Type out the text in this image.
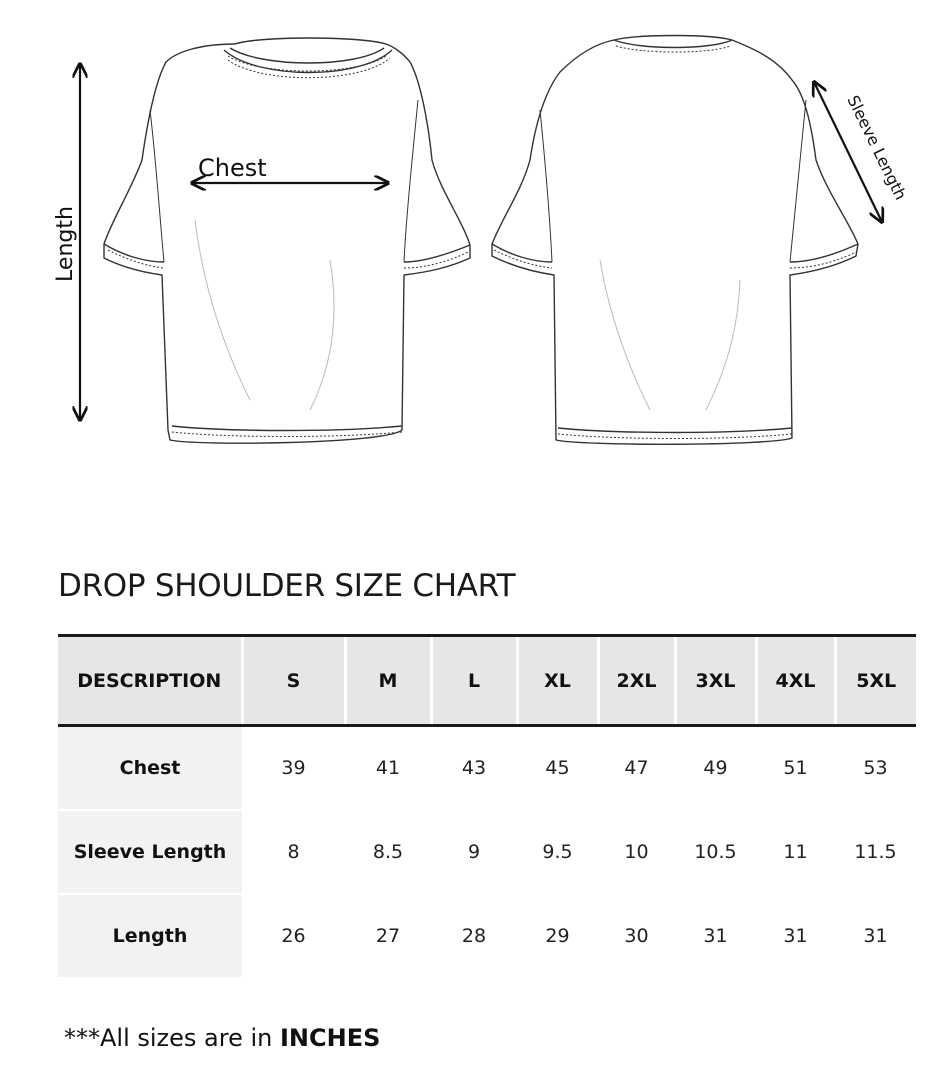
Length
Chest	Sleeve Length
DROP SHOULDER SIZE CHART
DESCRIPTION	S	M	L	XL	2XL	3XL	4XL	5XL
Chest	39	41	43	45	47	49	51	53
Sleeve Length	8	8.5	9	9.5	10	10.5	11	11.5
Length	26	27	28	29	30	31	31	31

***All sizes are in INCHES
